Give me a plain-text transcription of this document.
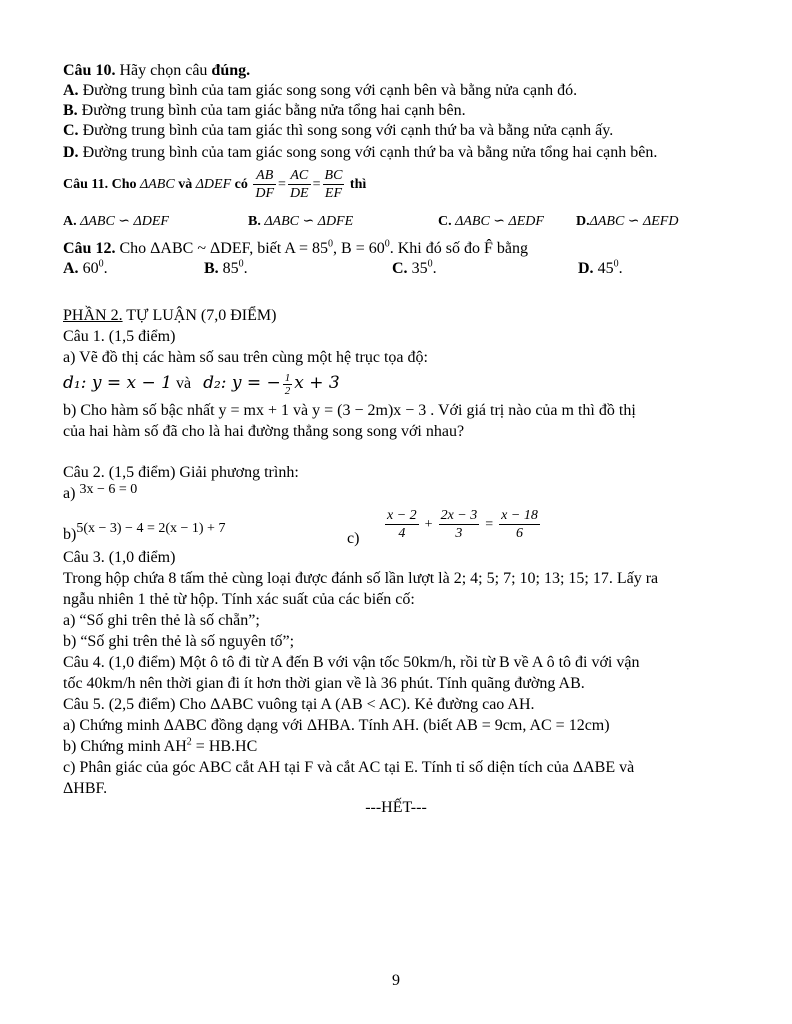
Câu 10. Hãy chọn câu đúng.
A. Đường trung bình của tam giác song song với cạnh bên và bằng nửa cạnh đó.
B. Đường trung bình của tam giác bằng nửa tổng hai cạnh bên.
C. Đường trung bình của tam giác thì song song với cạnh thứ ba và bằng nửa cạnh ấy.
D. Đường trung bình của tam giác song song với cạnh thứ ba và bằng nửa tổng hai cạnh bên.
Câu 11. Cho ΔABC và ΔDEF có $\frac{AB}{DF} = \frac{AC}{DE} = \frac{BC}{EF}$ thì
A. ΔABC ∽ ΔDEF	B. ΔABC ∽ ΔDFE	C. ΔABC ∽ ΔEDF D.ΔABC ∽ ΔEFD
Câu 12. Cho ΔABC ~ ΔDEF, biết $A = 85^0$, $B = 60^0$. Khi đó số đo F̂ bằng
A. $60^0$.	B. $85^0$.	C. $35^0$.	D. $45^0$.
PHẦN 2. TỰ LUẬN (7,0 ĐIỂM)
Câu 1. (1,5 điểm)
a) Vẽ đồ thị các hàm số sau trên cùng một hệ trục tọa độ:
d₁: y = x − 1 và   d₂: y = − $\frac{1}{2}$ x + 3
b) Cho hàm số bậc nhất y = mx + 1 và y = (3 − 2m)x − 3 . Với giá trị nào của m thì đồ thị
của hai hàm số đã cho là hai đường thẳng song song với nhau?
Câu 2. (1,5 điểm) Giải phương trình:
a) 3x − 6 = 0
b)5(x − 3) − 4 = 2(x − 1) + 7
$c) \frac{x - 2}{4} + \frac{2x - 3}{3} = \frac{x - 18}{6}$
Câu 3. (1,0 điểm)
Trong hộp chứa 8 tấm thẻ cùng loại được đánh số lần lượt là 2; 4; 5; 7; 10; 13; 15; 17. Lấy ra
ngẫu nhiên 1 thẻ từ hộp. Tính xác suất của các biến cố:
a) “Số ghi trên thẻ là số chẵn”;
b) “Số ghi trên thẻ là số nguyên tố”;
Câu 4. (1,0 điểm) Một ô tô đi từ A đến B với vận tốc 50km/h, rồi từ B về A ô tô đi với vận
tốc 40km/h nên thời gian đi ít hơn thời gian về là 36 phút. Tính quãng đường AB.
Câu 5. (2,5 điểm) Cho ΔABC vuông tại A (AB < AC). Kẻ đường cao AH.
a) Chứng minh ΔABC đồng dạng với ΔHBA. Tính AH. (biết AB = 9cm, AC = 12cm)
b) Chứng minh $AH^2 = HB.HC$
c) Phân giác của góc ABC cắt AH tại F và cắt AC tại E. Tính tỉ số diện tích của ΔABE và
ΔHBF.
---HẾT---
9
